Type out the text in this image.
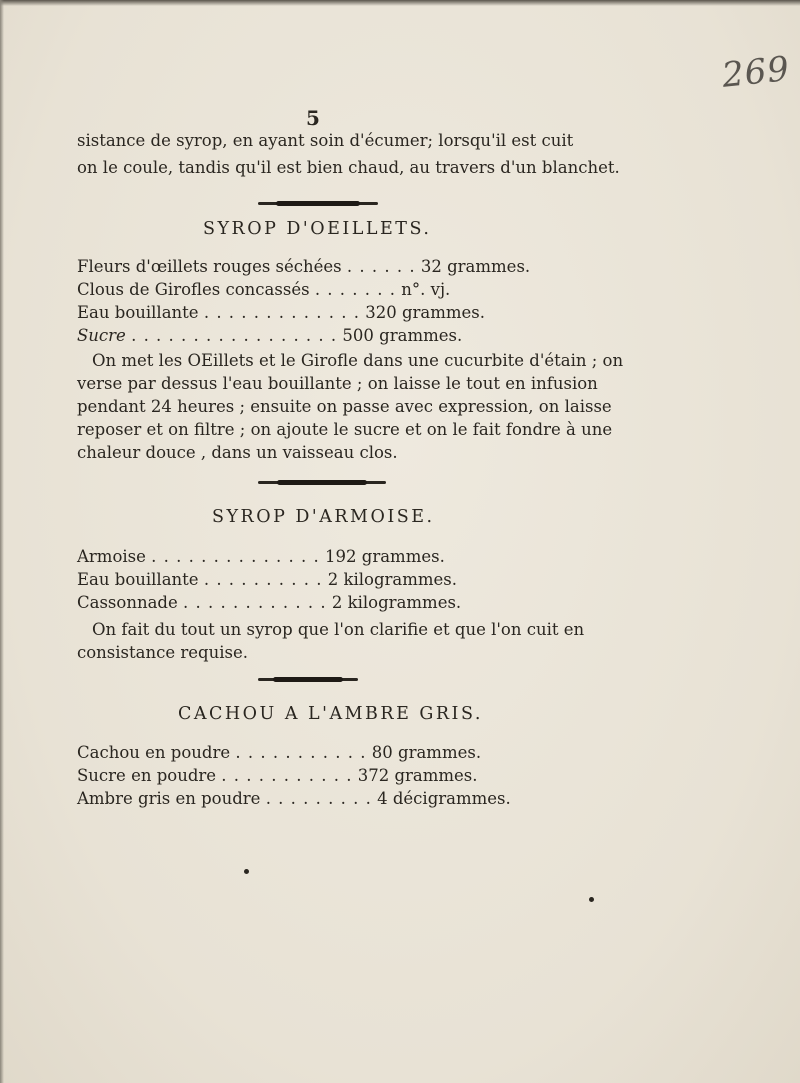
269
5
sistance de syrop, en ayant soin d'écumer; lorsqu'il est cuit
on le coule, tandis qu'il est bien chaud, au travers d'un blanchet.
SYROP D'OEILLETS.
Fleurs d'œillets rouges séchées . . . . . . 32 grammes.
Clous de Girofles concassés . . . . . . . n°. vj.
Eau bouillante . . . . . . . . . . . . . 320 grammes.
Sucre . . . . . . . . . . . . . . . . . 500 grammes.
On met les OEillets et le Girofle dans une cucurbite d'étain ; on
verse par dessus l'eau bouillante ; on laisse le tout en infusion
pendant 24 heures ; ensuite on passe avec expression, on laisse
reposer et on filtre ; on ajoute le sucre et on le fait fondre à une
chaleur douce , dans un vaisseau clos.
SYROP D'ARMOISE.
Armoise . . . . . . . . . . . . . . 192 grammes.
Eau bouillante . . . . . . . . . . 2 kilogrammes.
Cassonnade . . . . . . . . . . . . 2 kilogrammes.
On fait du tout un syrop que l'on clarifie et que l'on cuit en
consistance requise.
CACHOU A L'AMBRE GRIS.
Cachou en poudre . . . . . . . . . . . 80 grammes.
Sucre en poudre . . . . . . . . . . . 372 grammes.
Ambre gris en poudre . . . . . . . . . 4 décigrammes.
